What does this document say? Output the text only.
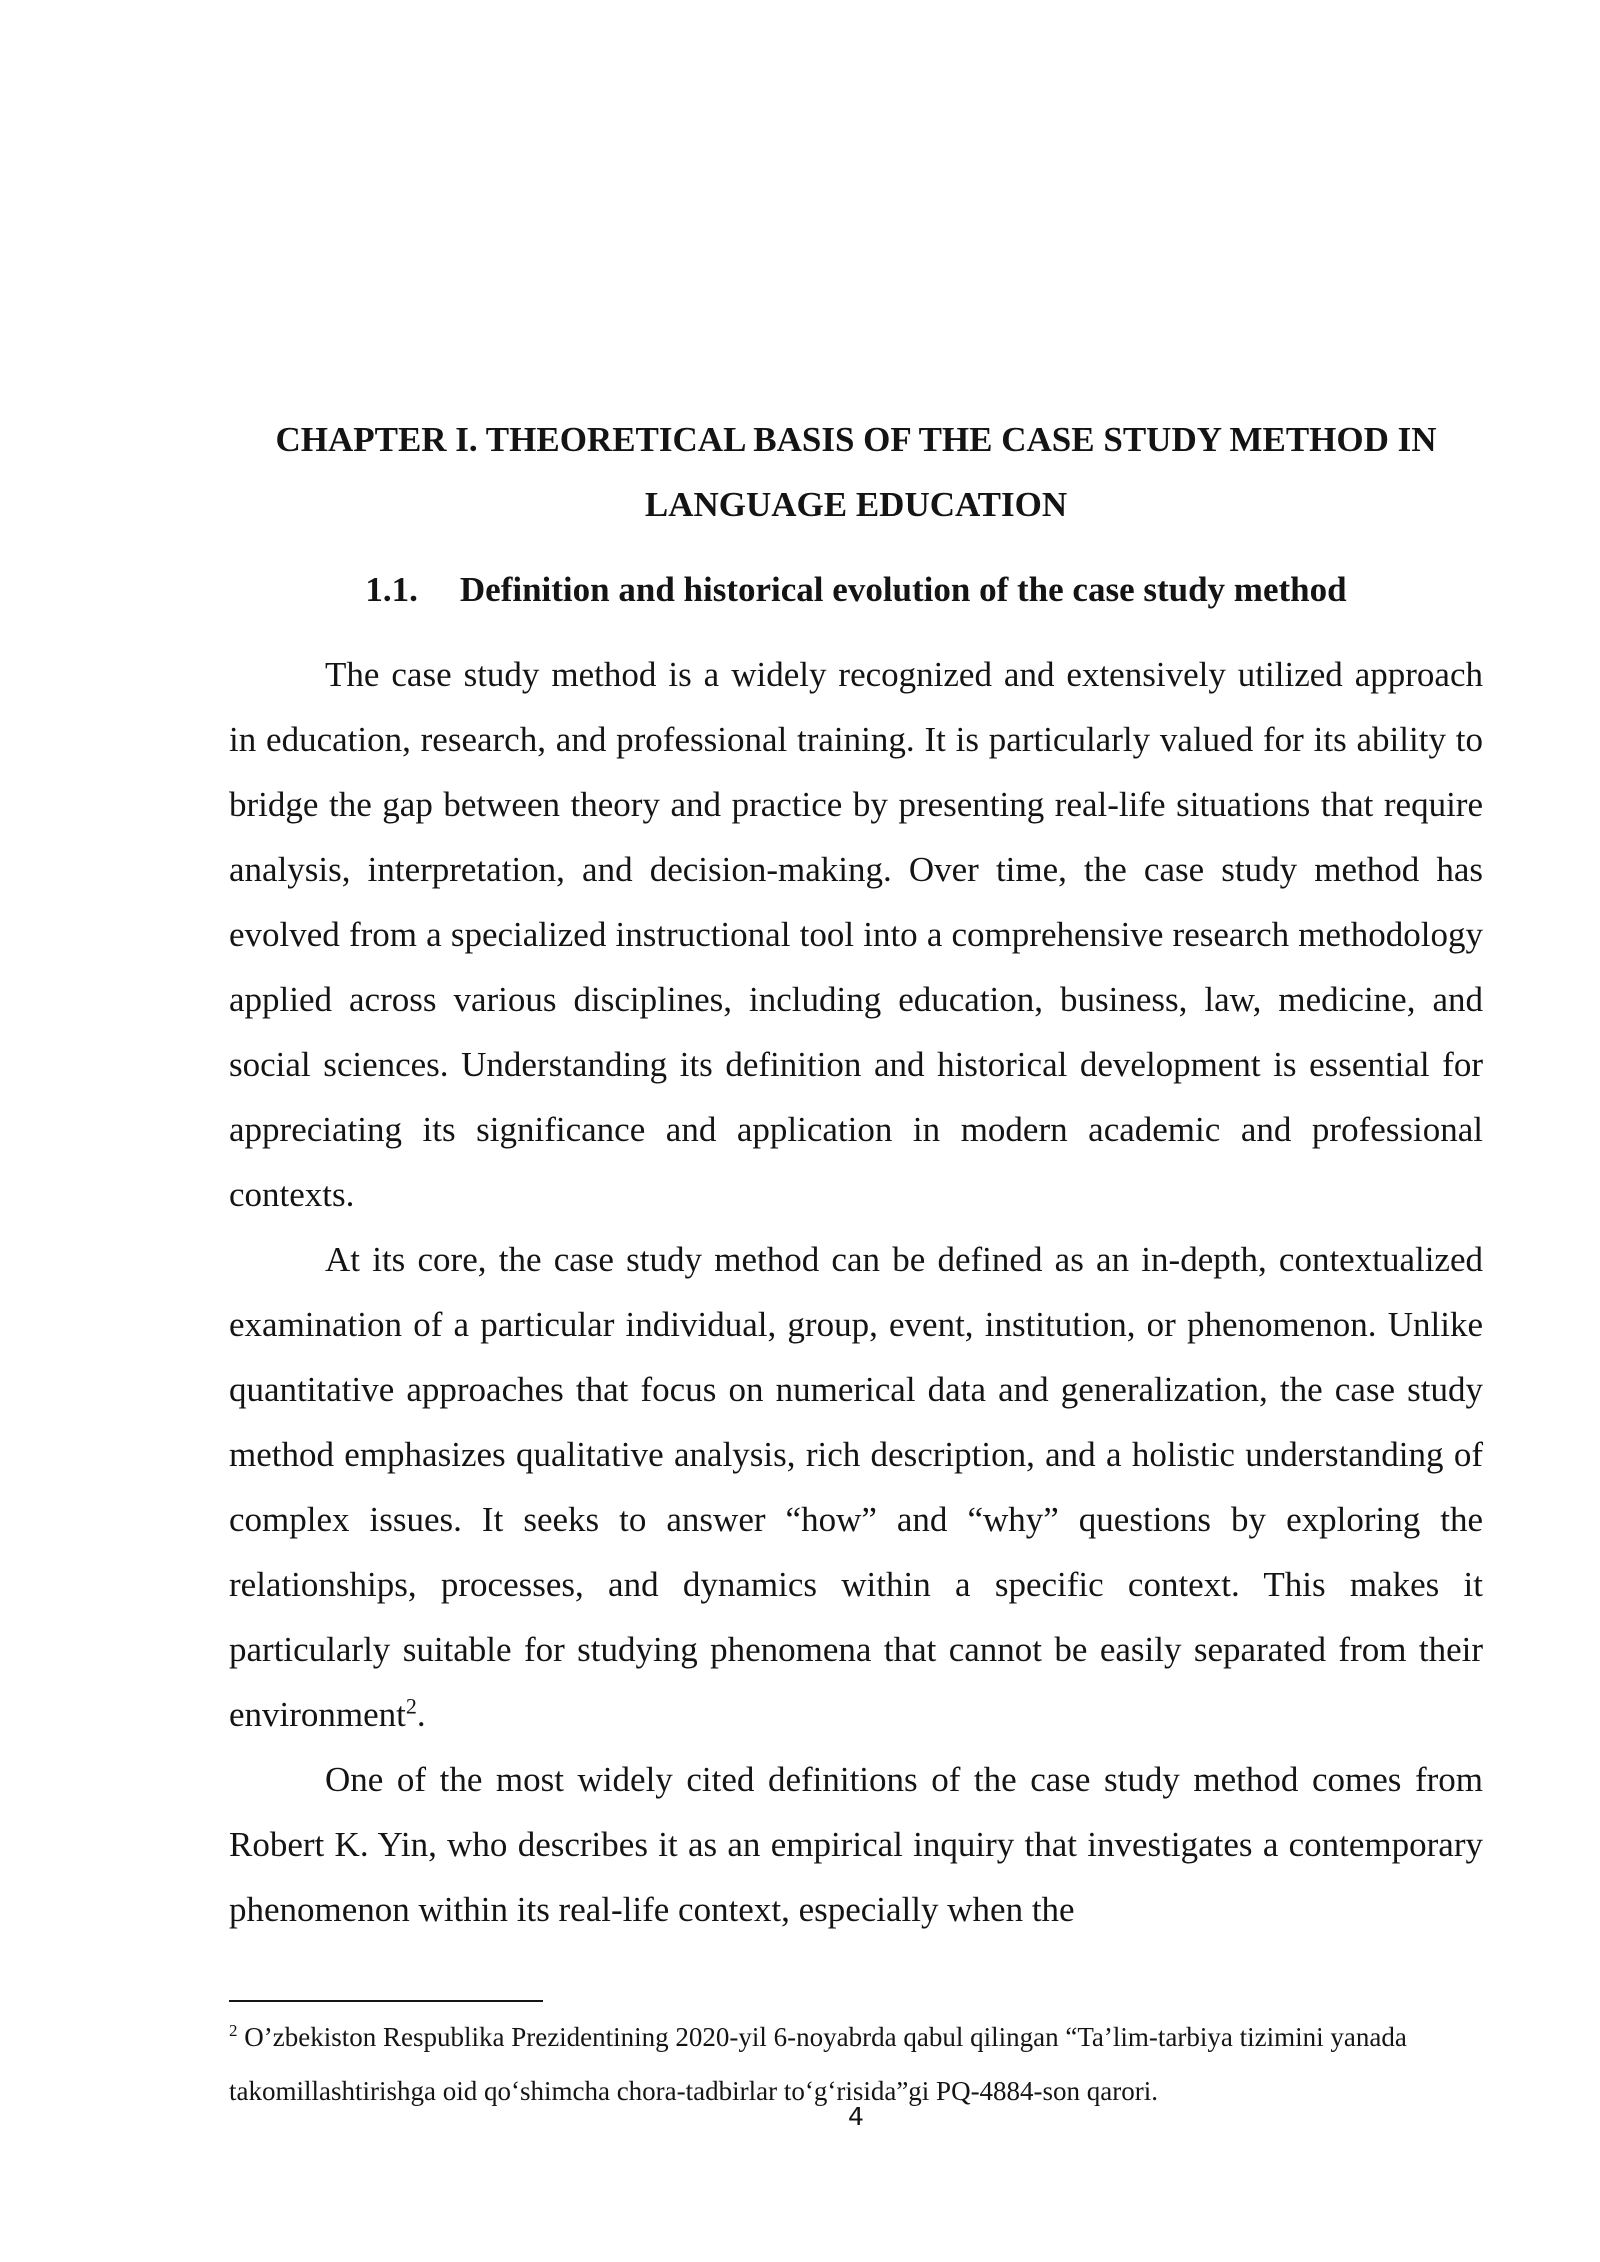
CHAPTER I. THEORETICAL BASIS OF THE CASE STUDY METHOD IN
LANGUAGE EDUCATION
1.1. Definition and historical evolution of the case study method

The case study method is a widely recognized and extensively utilized approach in education, research, and professional training. It is particularly valued for its ability to bridge the gap between theory and practice by presenting real-life situations that require analysis, interpretation, and decision-making. Over time, the case study method has evolved from a specialized instructional tool into a comprehensive research methodology applied across various disciplines, including education, business, law, medicine, and social sciences. Understanding its definition and historical development is essential for appreciating its significance and application in modern academic and professional contexts.

At its core, the case study method can be defined as an in-depth, contextualized examination of a particular individual, group, event, institution, or phenomenon. Unlike quantitative approaches that focus on numerical data and generalization, the case study method emphasizes qualitative analysis, rich description, and a holistic understanding of complex issues. It seeks to answer “how” and “why” questions by exploring the relationships, processes, and dynamics within a specific context. This makes it particularly suitable for studying phenomena that cannot be easily separated from their environment$^2$.

One of the most widely cited definitions of the case study method comes from Robert K. Yin, who describes it as an empirical inquiry that investigates a contemporary phenomenon within its real-life context, especially when the

$^2$ O’zbekiston Respublika Prezidentining 2020-yil 6-noyabrda qabul qilingan “Ta’lim-tarbiya tizimini yanada takomillashtirishga oid qo‘shimcha chora-tadbirlar to‘g‘risida”gi PQ-4884-son qarori.

4
